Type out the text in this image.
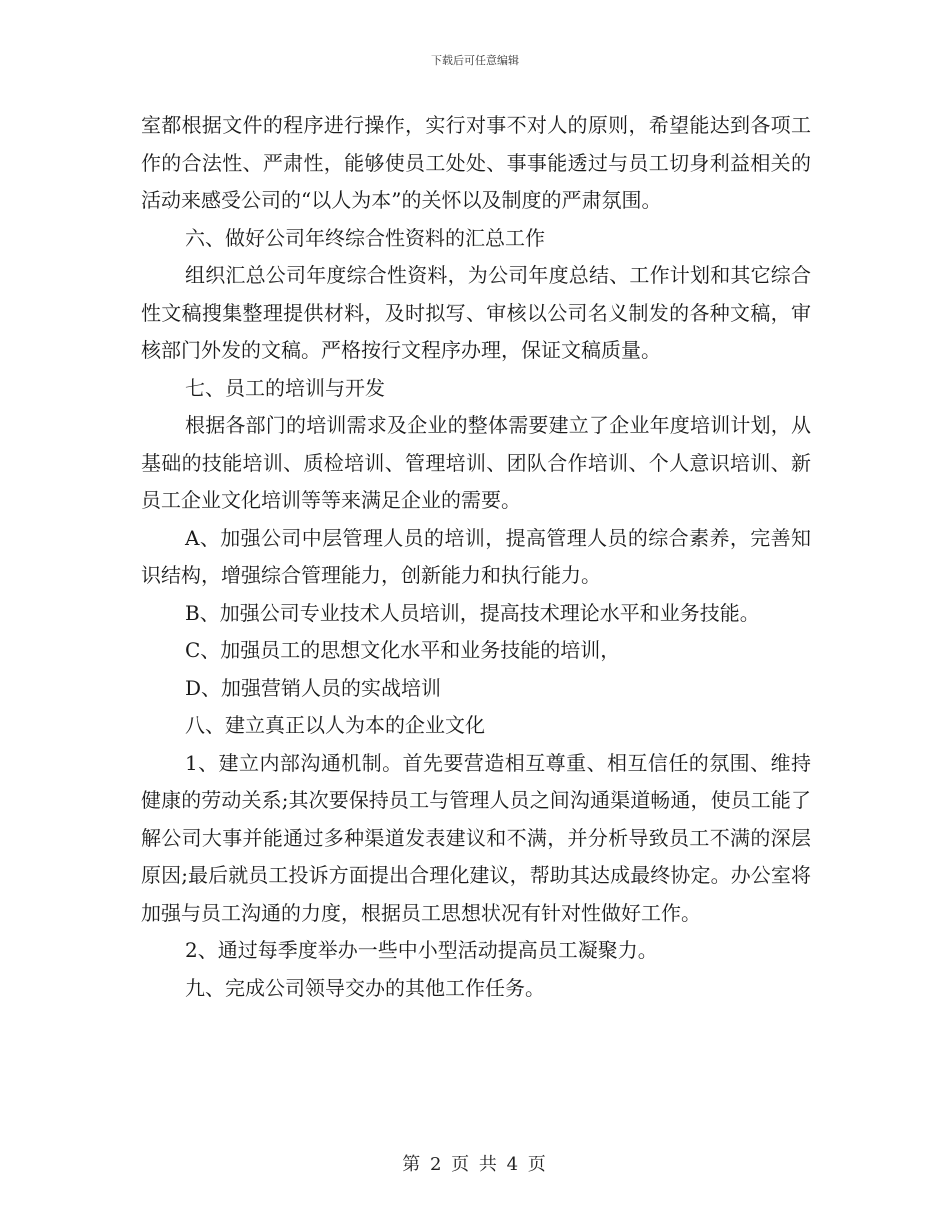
下载后可任意编辑

室都根据文件的程序进行操作，实行对事不对人的原则，希望能达到各项工作的合法性、严肃性，能够使员工处处、事事能透过与员工切身利益相关的活动来感受公司的“以人为本”的关怀以及制度的严肃氛围。

六、做好公司年终综合性资料的汇总工作

组织汇总公司年度综合性资料，为公司年度总结、工作计划和其它综合性文稿搜集整理提供材料，及时拟写、审核以公司名义制发的各种文稿，审核部门外发的文稿。严格按行文程序办理，保证文稿质量。

七、员工的培训与开发

根据各部门的培训需求及企业的整体需要建立了企业年度培训计划，从基础的技能培训、质检培训、管理培训、团队合作培训、个人意识培训、新员工企业文化培训等等来满足企业的需要。

A、加强公司中层管理人员的培训，提高管理人员的综合素养，完善知识结构，增强综合管理能力，创新能力和执行能力。

B、加强公司专业技术人员培训，提高技术理论水平和业务技能。

C、加强员工的思想文化水平和业务技能的培训，

D、加强营销人员的实战培训

八、建立真正以人为本的企业文化

1、建立内部沟通机制。首先要营造相互尊重、相互信任的氛围、维持健康的劳动关系;其次要保持员工与管理人员之间沟通渠道畅通，使员工能了解公司大事并能通过多种渠道发表建议和不满，并分析导致员工不满的深层原因;最后就员工投诉方面提出合理化建议，帮助其达成最终协定。办公室将加强与员工沟通的力度，根据员工思想状况有针对性做好工作。

2、通过每季度举办一些中小型活动提高员工凝聚力。

九、完成公司领导交办的其他工作任务。

第 2 页 共 4 页
